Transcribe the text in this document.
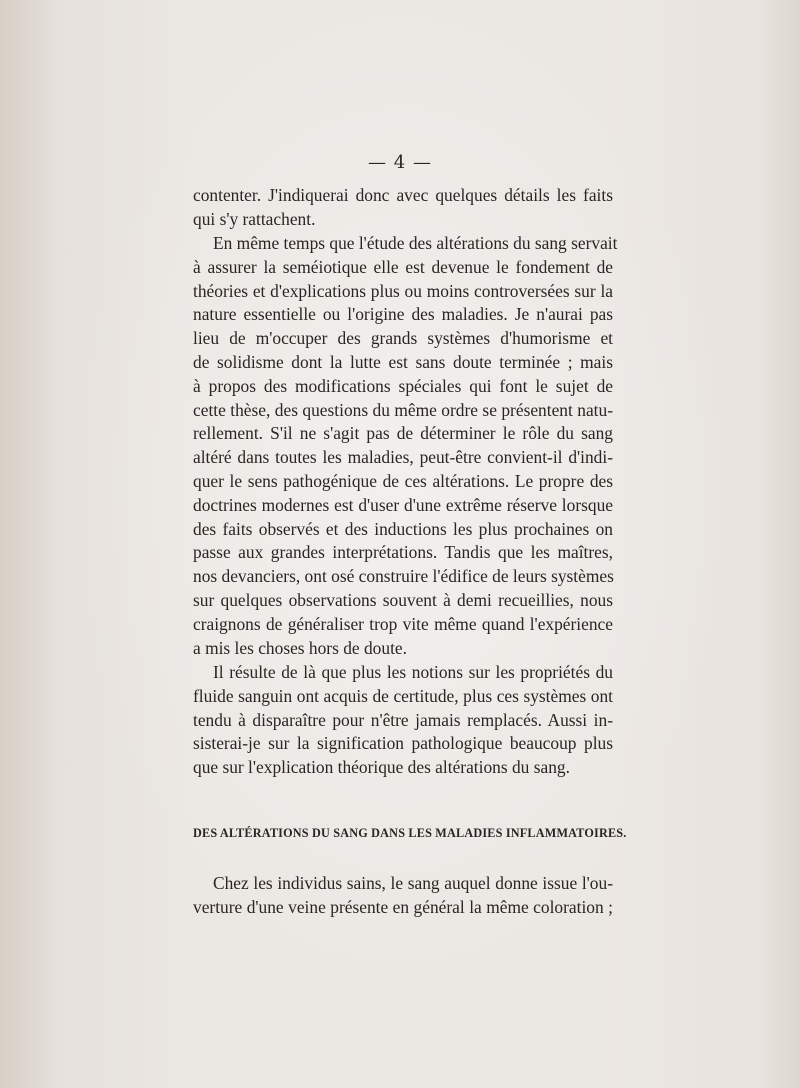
— 4 —
contenter. J'indiquerai donc avec quelques détails les faits
qui s'y rattachent.
En même temps que l'étude des altérations du sang servait
à assurer la seméiotique elle est devenue le fondement de
théories et d'explications plus ou moins controversées sur la
nature essentielle ou l'origine des maladies. Je n'aurai pas
lieu de m'occuper des grands systèmes d'humorisme et
de solidisme dont la lutte est sans doute terminée ; mais
à propos des modifications spéciales qui font le sujet de
cette thèse, des questions du même ordre se présentent natu-
rellement. S'il ne s'agit pas de déterminer le rôle du sang
altéré dans toutes les maladies, peut-être convient-il d'indi-
quer le sens pathogénique de ces altérations. Le propre des
doctrines modernes est d'user d'une extrême réserve lorsque
des faits observés et des inductions les plus prochaines on
passe aux grandes interprétations. Tandis que les maîtres,
nos devanciers, ont osé construire l'édifice de leurs systèmes
sur quelques observations souvent à demi recueillies, nous
craignons de généraliser trop vite même quand l'expérience
a mis les choses hors de doute.
Il résulte de là que plus les notions sur les propriétés du
fluide sanguin ont acquis de certitude, plus ces systèmes ont
tendu à disparaître pour n'être jamais remplacés. Aussi in-
sisterai-je sur la signification pathologique beaucoup plus
que sur l'explication théorique des altérations du sang.
DES ALTÉRATIONS DU SANG DANS LES MALADIES INFLAMMATOIRES.
Chez les individus sains, le sang auquel donne issue l'ou-
verture d'une veine présente en général la même coloration ;
